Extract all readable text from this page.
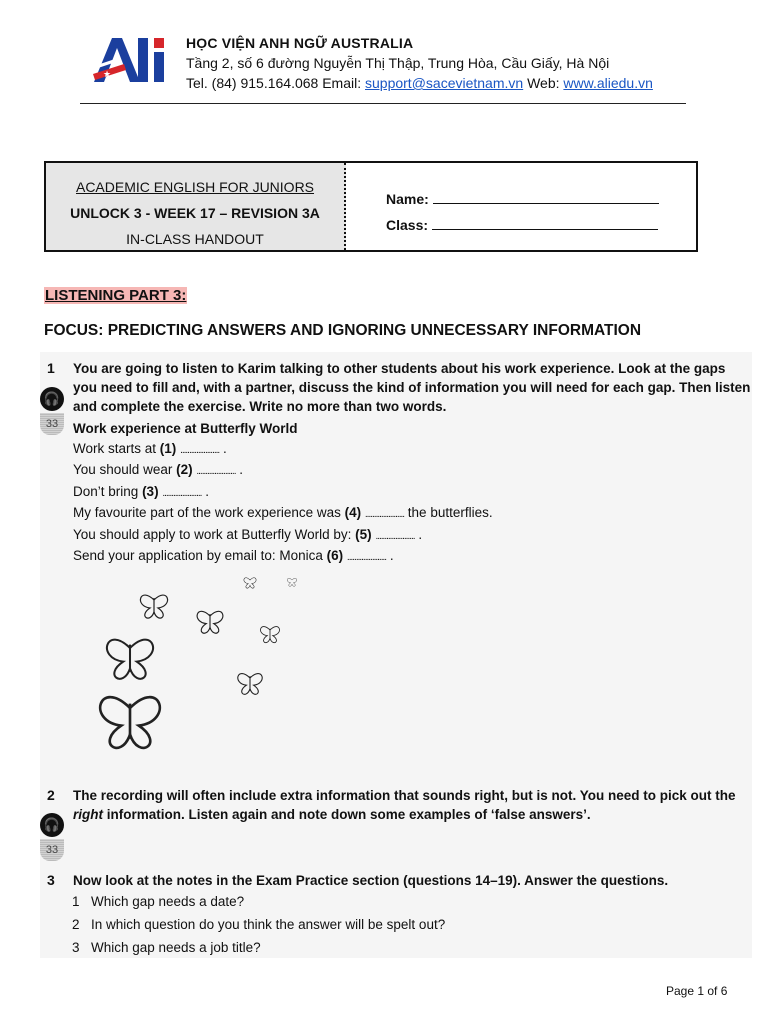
★
HỌC VIỆN ANH NGỮ AUSTRALIA
Tầng 2, số 6 đường Nguyễn Thị Thập, Trung Hòa, Cầu Giấy, Hà Nội
Tel. (84) 915.164.068 Email: support@sacevietnam.vn Web: www.aliedu.vn
ACADEMIC ENGLISH FOR JUNIORS
UNLOCK 3 - WEEK 17 – REVISION 3A
IN-CLASS HANDOUT
Name:
Class:
LISTENING PART 3:
FOCUS: PREDICTING ANSWERS AND IGNORING UNNECESSARY INFORMATION
1 You are going to listen to Karim talking to other students about his work experience. Look at the gaps you need to fill and, with a partner, discuss the kind of information you will need for each gap. Then listen and complete the exercise. Write no more than two words.
🎧
33	Work experience at Butterfly World
Work starts at (1) ...................... .
You should wear (2) ...................... .
Don’t bring (3) ...................... .
My favourite part of the work experience was (4) ...................... the butterflies.
You should apply to work at Butterfly World by: (5) ...................... .
Send your application by email to: Monica (6) ...................... .
2 The recording will often include extra information that sounds right, but is not. You need to pick out the right information. Listen again and note down some examples of ‘false answers’.
🎧
33
3 Now look at the notes in the Exam Practice section (questions 14–19). Answer the questions.
1 Which gap needs a date?
2 In which question do you think the answer will be spelt out?
3 Which gap needs a job title?
Page 1 of 6
